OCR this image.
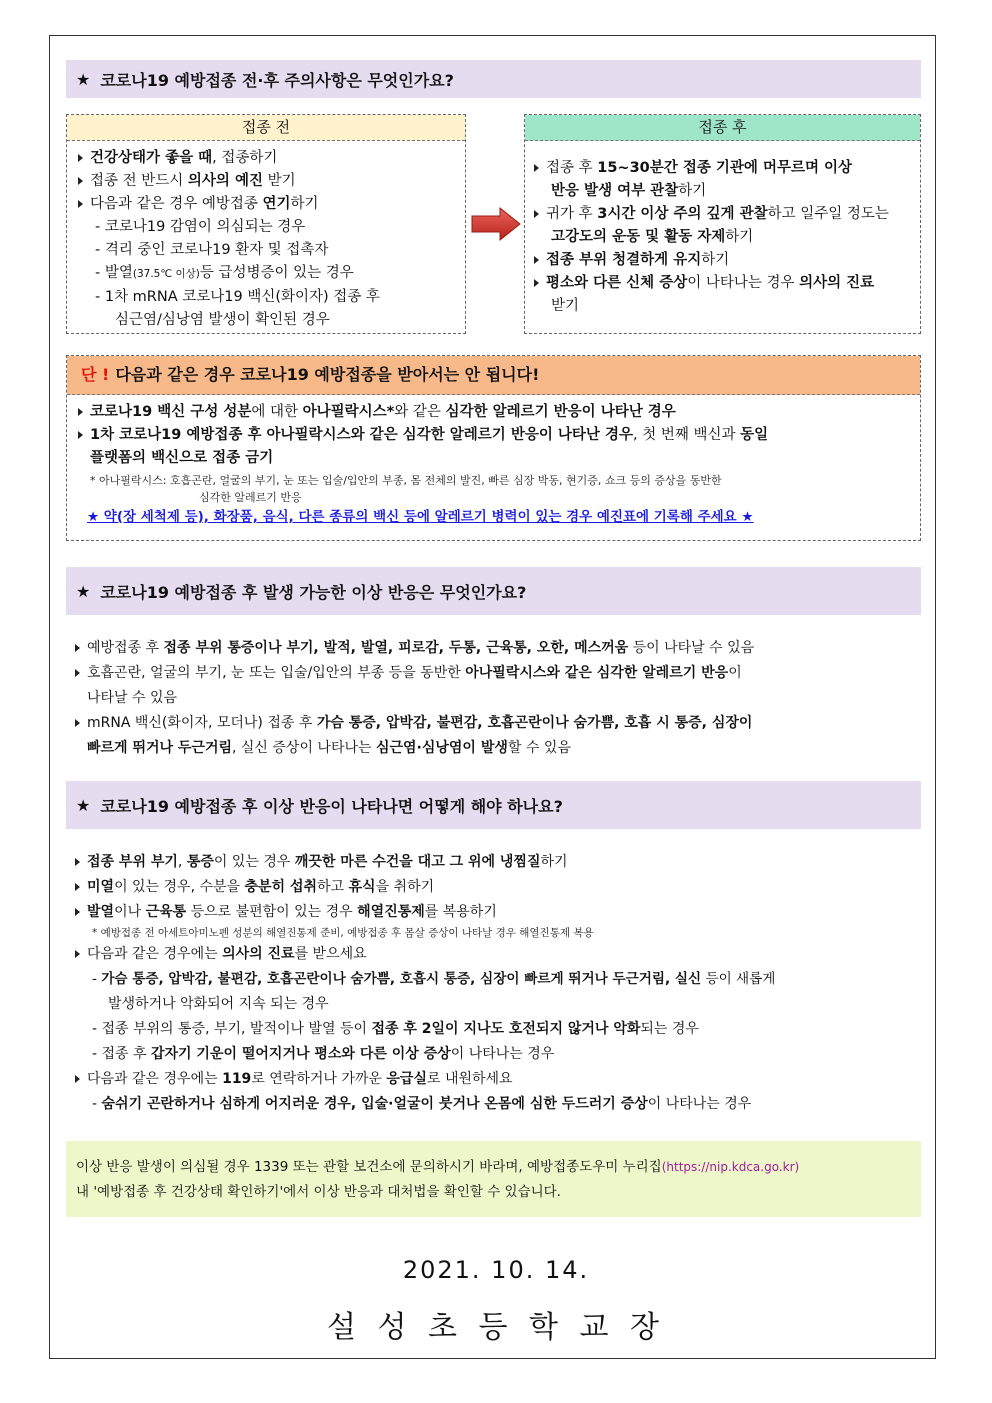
★ 코로나19 예방접종 전·후 주의사항은 무엇인가요?
접종 전
건강상태가 좋을 때, 접종하기
접종 전 반드시 의사의 예진 받기
다음과 같은 경우 예방접종 연기하기
- 코로나19 감염이 의심되는 경우
- 격리 중인 코로나19 환자 및 접촉자
- 발열(37.5℃ 이상)등 급성병증이 있는 경우
- 1차 mRNA 코로나19 백신(화이자) 접종 후
심근염/심낭염 발생이 확인된 경우
접종 후
접종 후 15~30분간 접종 기관에 머무르며 이상
반응 발생 여부 관찰하기
귀가 후 3시간 이상 주의 깊게 관찰하고 일주일 정도는
고강도의 운동 및 활동 자제하기
접종 부위 청결하게 유지하기
평소와 다른 신체 증상이 나타나는 경우 의사의 진료
받기
단 ! 다음과 같은 경우 코로나19 예방접종을 받아서는 안 됩니다!
코로나19 백신 구성 성분에 대한 아나필락시스*와 같은 심각한 알레르기 반응이 나타난 경우
1차 코로나19 예방접종 후 아나필락시스와 같은 심각한 알레르기 반응이 나타난 경우, 첫 번째 백신과 동일
플랫폼의 백신으로 접종 금기
* 아나필락시스: 호흡곤란, 얼굴의 부기, 눈 또는 입술/입안의 부종, 몸 전체의 발진, 빠른 심장 박동, 현기증, 쇼크 등의 증상을 동반한
심각한 알레르기 반응
★ 약(장 세척제 등), 화장품, 음식, 다른 종류의 백신 등에 알레르기 병력이 있는 경우 예진표에 기록해 주세요 ★
★ 코로나19 예방접종 후 발생 가능한 이상 반응은 무엇인가요?
예방접종 후 접종 부위 통증이나 부기, 발적, 발열, 피로감, 두통, 근육통, 오한, 메스꺼움 등이 나타날 수 있음
호흡곤란, 얼굴의 부기, 눈 또는 입술/입안의 부종 등을 동반한 아나필락시스와 같은 심각한 알레르기 반응이
나타날 수 있음
mRNA 백신(화이자, 모더나) 접종 후 가슴 통증, 압박감, 불편감, 호흡곤란이나 숨가쁨, 호흡 시 통증, 심장이
빠르게 뛰거나 두근거림, 실신 증상이 나타나는 심근염·심낭염이 발생할 수 있음
★ 코로나19 예방접종 후 이상 반응이 나타나면 어떻게 해야 하나요?
접종 부위 부기, 통증이 있는 경우 깨끗한 마른 수건을 대고 그 위에 냉찜질하기
미열이 있는 경우, 수분을 충분히 섭취하고 휴식을 취하기
발열이나 근육통 등으로 불편함이 있는 경우 해열진통제를 복용하기
* 예방접종 전 아세트아미노펜 성분의 해열진통제 준비, 예방접종 후 몸살 증상이 나타날 경우 해열진통제 복용
다음과 같은 경우에는 의사의 진료를 받으세요
- 가슴 통증, 압박감, 불편감, 호흡곤란이나 숨가쁨, 호흡시 통증, 심장이 빠르게 뛰거나 두근거림, 실신 등이 새롭게
발생하거나 악화되어 지속 되는 경우
- 접종 부위의 통증, 부기, 발적이나 발열 등이 접종 후 2일이 지나도 호전되지 않거나 악화되는 경우
- 접종 후 갑자기 기운이 떨어지거나 평소와 다른 이상 증상이 나타나는 경우
다음과 같은 경우에는 119로 연락하거나 가까운 응급실로 내원하세요
- 숨쉬기 곤란하거나 심하게 어지러운 경우, 입술·얼굴이 붓거나 온몸에 심한 두드러기 증상이 나타나는 경우
이상 반응 발생이 의심될 경우 1339 또는 관할 보건소에 문의하시기 바라며, 예방접종도우미 누리집(https://nip.kdca.go.kr)
내 '예방접종 후 건강상태 확인하기'에서 이상 반응과 대처법을 확인할 수 있습니다.
2021. 10. 14.
설 성 초 등 학 교 장
